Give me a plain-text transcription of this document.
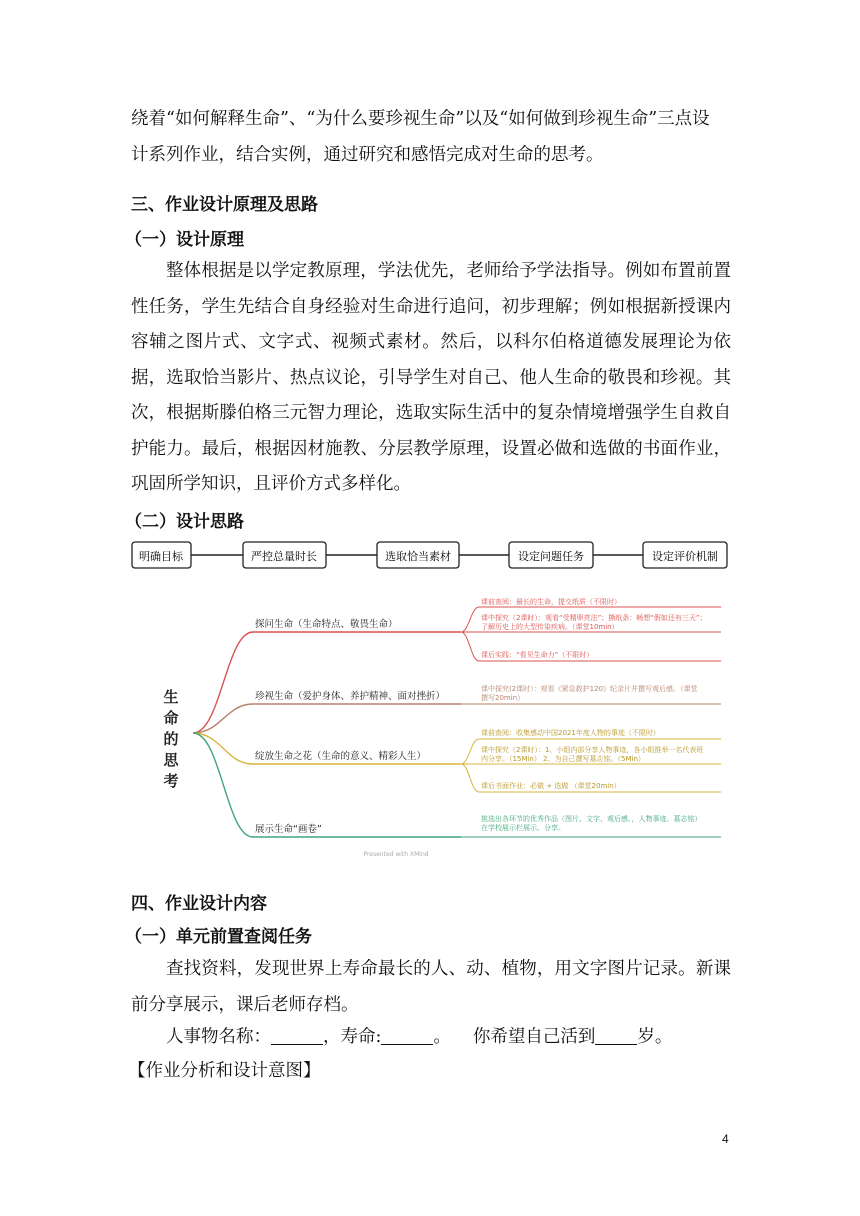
绕着“如何解释生命”、“为什么要珍视生命”以及“如何做到珍视生命”三点设

计系列作业，结合实例，通过研究和感悟完成对生命的思考。

三、作业设计原理及思路
（一）设计原理

整体根据是以学定教原理，学法优先，老师给予学法指导。例如布置前置性任务，学生先结合自身经验对生命进行追问，初步理解；例如根据新授课内容辅之图片式、文字式、视频式素材。然后，以科尔伯格道德发展理论为依据，选取恰当影片、热点议论，引导学生对自己、他人生命的敬畏和珍视。其次，根据斯滕伯格三元智力理论，选取实际生活中的复杂情境增强学生自救自护能力。最后，根据因材施教、分层教学原理，设置必做和选做的书面作业，巩固所学知识，且评价方式多样化。

（二）设计思路
明确目标	严控总量时长	选取恰当素材	设定问题任务	设定评价机制
生
命
的
思
考
探问生命（生命特点、敬畏生命）
课前查阅：最长的生命，提交纸质（不限时）
课中探究（2课时）：观看“受精卵亮法”；撕纸条：畅想“假如还有三天”；
了解历史上的大型传染疾病。（课堂10min）
课后实践：“看见生命力”（不限时）
珍视生命（爱护身体、养护精神、面对挫折）
课中探究(2课时）：观看《紧急救护120》纪录片并撰写观后感。（课堂
撰写20min）
绽放生命之花（生命的意义、精彩人生）
课前查阅：收集感动中国2021年度人物的事迹（不限时）
课中探究（2课时）：1、小组内部分享人物事迹，各小组推举一名代表班
内分享。（15Min） 2、为自己撰写墓志铭。（5Min）
课后书面作业：必做 + 选做 （课堂20min）
展示生命“画卷”
挑选出各环节的优秀作品（图片、文字、观后感、，人物事迹、墓志铭）
在学校展示栏展示、分享。
Presented with XMind
四、作业设计内容
（一）单元前置查阅任务

查找资料，发现世界上寿命最长的人、动、植物，用文字图片记录。新课前分享展示，课后老师存档。

人事物名称：	，寿命:	。 你希望自己活到 岁。

【作业分析和设计意图】

4
